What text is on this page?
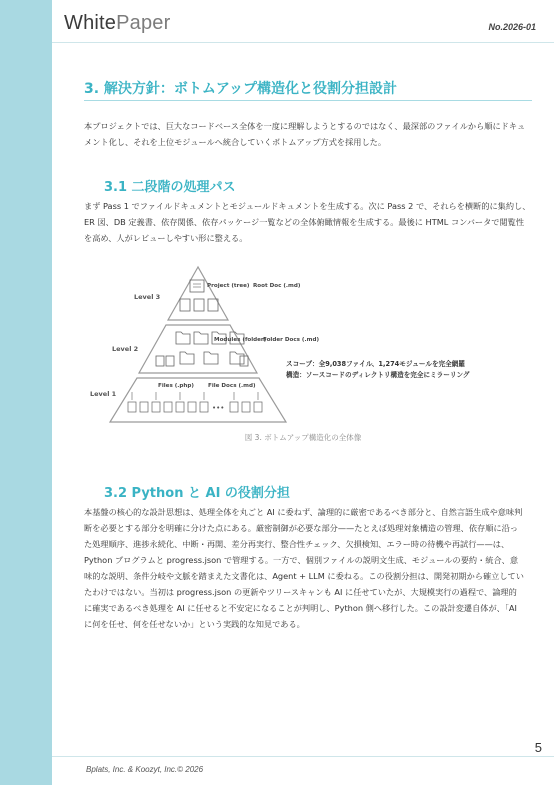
WhitePaper	No.2026-01
3. 解決方針：ボトムアップ構造化と役割分担設計
本プロジェクトでは、巨大なコードベース全体を一度に理解しようとするのではなく、最深部のファイルから順にドキュメント化し、それを上位モジュールへ統合していくボトムアップ方式を採用した。
3.1 二段階の処理パス
まず Pass 1 でファイルドキュメントとモジュールドキュメントを生成する。次に Pass 2 で、それらを横断的に集約し、ER 図、DB 定義書、依存関係、依存パッケージ一覧などの全体俯瞰情報を生成する。最後に HTML コンバータで閲覧性を高め、人がレビューしやすい形に整える。
Level 3
Level 2
Level 1
Project (tree) Root Doc (.md)
Modules (folder)
Folder Docs (.md)
Files (.php)	File Docs (.md)
•••
スコープ：全9,038ファイル、1,274モジュールを完全網羅
構造：ソースコードのディレクトリ構造を完全にミラーリング
図 3. ボトムアップ構造化の全体像
3.2 Python と AI の役割分担
本基盤の核心的な設計思想は、処理全体を丸ごと AI に委ねず、論理的に厳密であるべき部分と、自然言語生成や意味判断を必要とする部分を明確に分けた点にある。厳密制御が必要な部分——たとえば処理対象構造の管理、依存順に沿った処理順序、進捗永続化、中断・再開、差分再実行、整合性チェック、欠損検知、エラー時の待機や再試行——は、Python プログラムと progress.json で管理する。一方で、個別ファイルの説明文生成、モジュールの要約・統合、意味的な説明、条件分岐や文脈を踏まえた文書化は、Agent + LLM に委ねる。この役割分担は、開発初期から確立していたわけではない。当初は progress.json の更新やツリースキャンも AI に任せていたが、大規模実行の過程で、論理的に確実であるべき処理を AI に任せると不安定になることが判明し、Python 側へ移行した。この設計変遷自体が、「AI に何を任せ、何を任せないか」という実践的な知見である。
5
Bplats, Inc. & Koozyt, Inc.© 2026
